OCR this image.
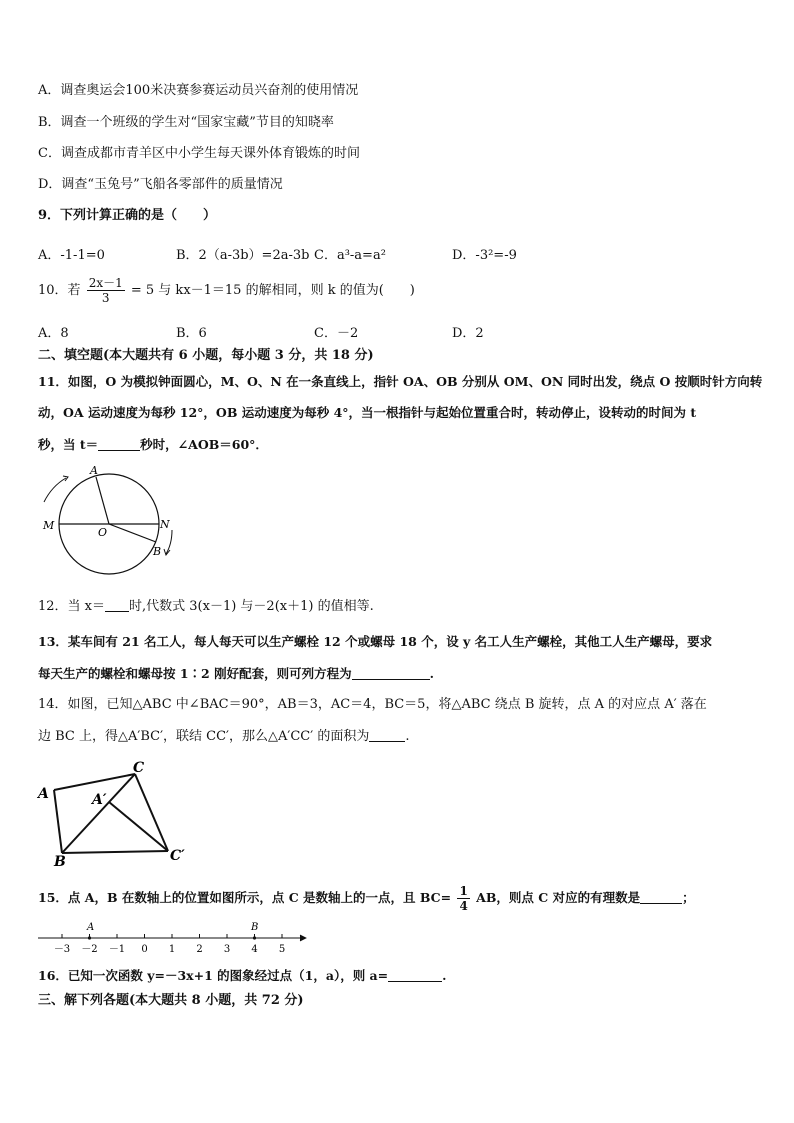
A．调查奥运会100米决赛参赛运动员兴奋剂的使用情况
B．调查一个班级的学生对“国家宝藏”节目的知晓率
C．调查成都市青羊区中小学生每天课外体育锻炼的时间
D．调查“玉兔号”飞船各零部件的质量情况
9．下列计算正确的是（　　）
A．-1-1=0	B．2（a-3b）=2a-3b C．a³-a=a²	D．-3²=-9
10．若 $\frac{2x-1}{3} = 5$ 与 kx－1＝15 的解相同，则 k 的值为(　　)
A．8	B．6	C．－2	D．2
二、填空题(本大题共有 6 小题，每小题 3 分，共 18 分)
11．如图，O 为模拟钟面圆心，M、O、N 在一条直线上，指针 OA、OB 分别从 OM、ON 同时出发，绕点 O 按顺时针方向转
动，OA 运动速度为每秒 12°，OB 运动速度为每秒 4°，当一根指针与起始位置重合时，转动停止，设转动的时间为 t
秒，当 t＝	秒时，∠AOB＝60°．
A
M	N
O
B
12．当 x＝ 时,代数式 3(x－1) 与－2(x＋1) 的值相等.
13．某车间有 21 名工人，每人每天可以生产螺栓 12 个或螺母 18 个，设 y 名工人生产螺栓，其他工人生产螺母，要求
每天生产的螺栓和螺母按 1∶2 刚好配套，则可列方程为	.
14．如图，已知△ABC 中∠BAC＝90°，AB＝3，AC＝4，BC＝5，将△ABC 绕点 B 旋转，点 A 的对应点 A′ 落在
边 BC 上，得△A′BC′，联结 CC′，那么△A′CC′ 的面积为	.
A
C
A′
B	C′
15．点 A，B 在数轴上的位置如图所示，点 C 是数轴上的一点，且 $BC= \frac{1}{4}$ AB，则点 C 对应的有理数是	；
－3 －2 －1 0 1 2 3 4 5
A	B
16．已知一次函数 y=－3x+1 的图象经过点（1，a），则 a=	.
三、解下列各题(本大题共 8 小题，共 72 分)
